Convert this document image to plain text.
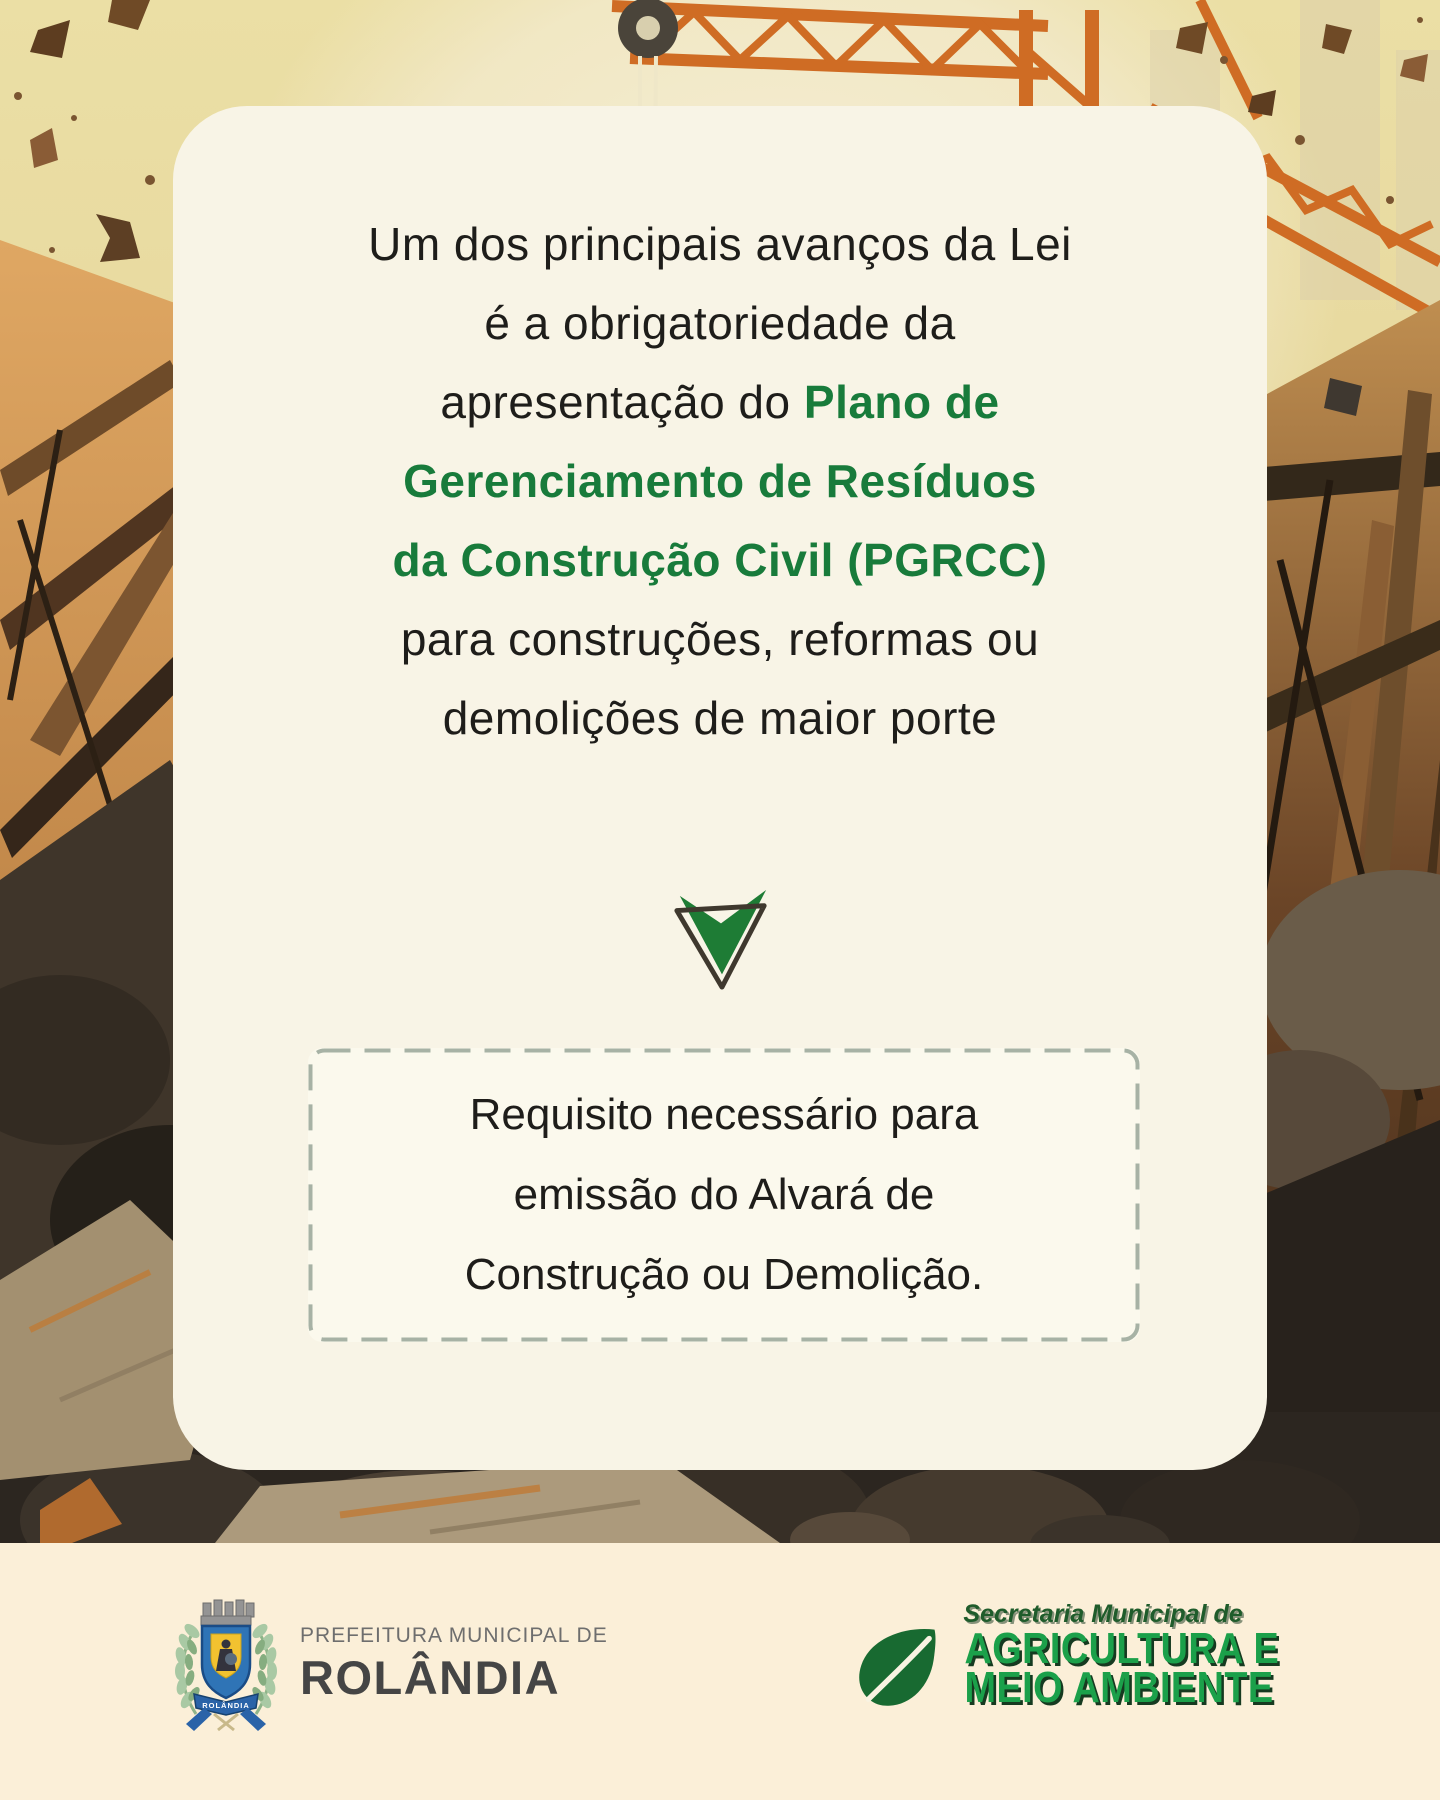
Um dos principais avanços da Lei
é a obrigatoriedade da
apresentação do Plano de
Gerenciamento de Resíduos
da Construção Civil (PGRCC)
para construções, reformas ou
demolições de maior porte
Requisito necessário para
emissão do Alvará de
Construção ou Demolição.
ROLÂNDIA
PREFEITURA MUNICIPAL DE
ROLÂNDIA
Secretaria Municipal de
AGRICULTURA E
MEIO AMBIENTE
